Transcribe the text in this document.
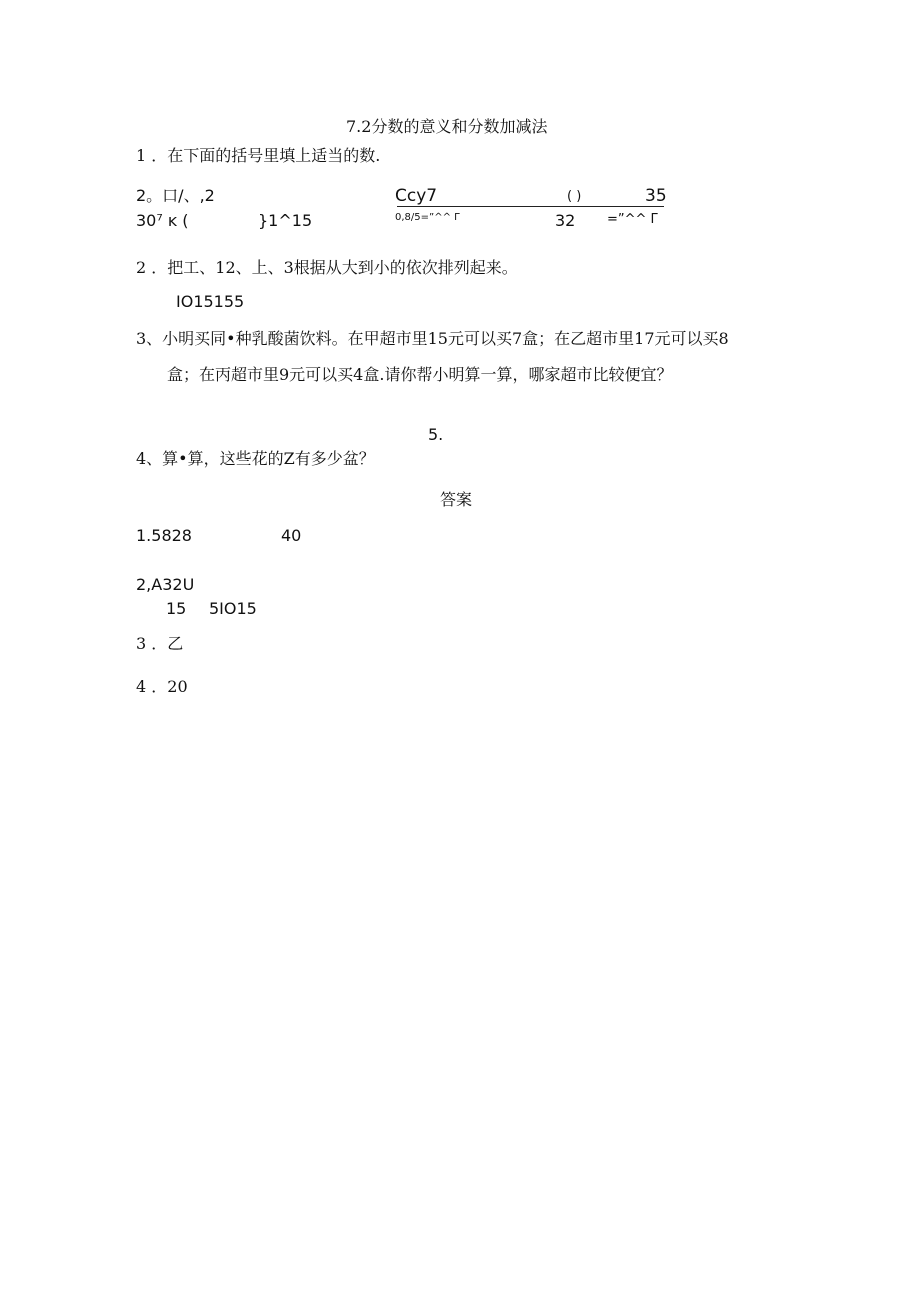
7.2分数的意义和分数加减法
1 ．在下面的括号里填上适当的数.
2。口/、,2
30⁷ ĸ (	}1^15
Ccy7	( )	35
0,8/5=”^^ Γ	32 =”^^ Γ
2 ．把工、12、上、3根据从大到小的依次排列起来。
IO15155
3、小明买同•种乳酸菌饮料。在甲超市里15元可以买7盒；在乙超市里17元可以买8
盒；在丙超市里9元可以买4盒.请你帮小明算一算，哪家超市比较便宜？
5.
4、算•算，这些花的Z有多少盆？
答案
1.5828	40
2,A32U
15 5IO15
3 ．乙
4 ．20
